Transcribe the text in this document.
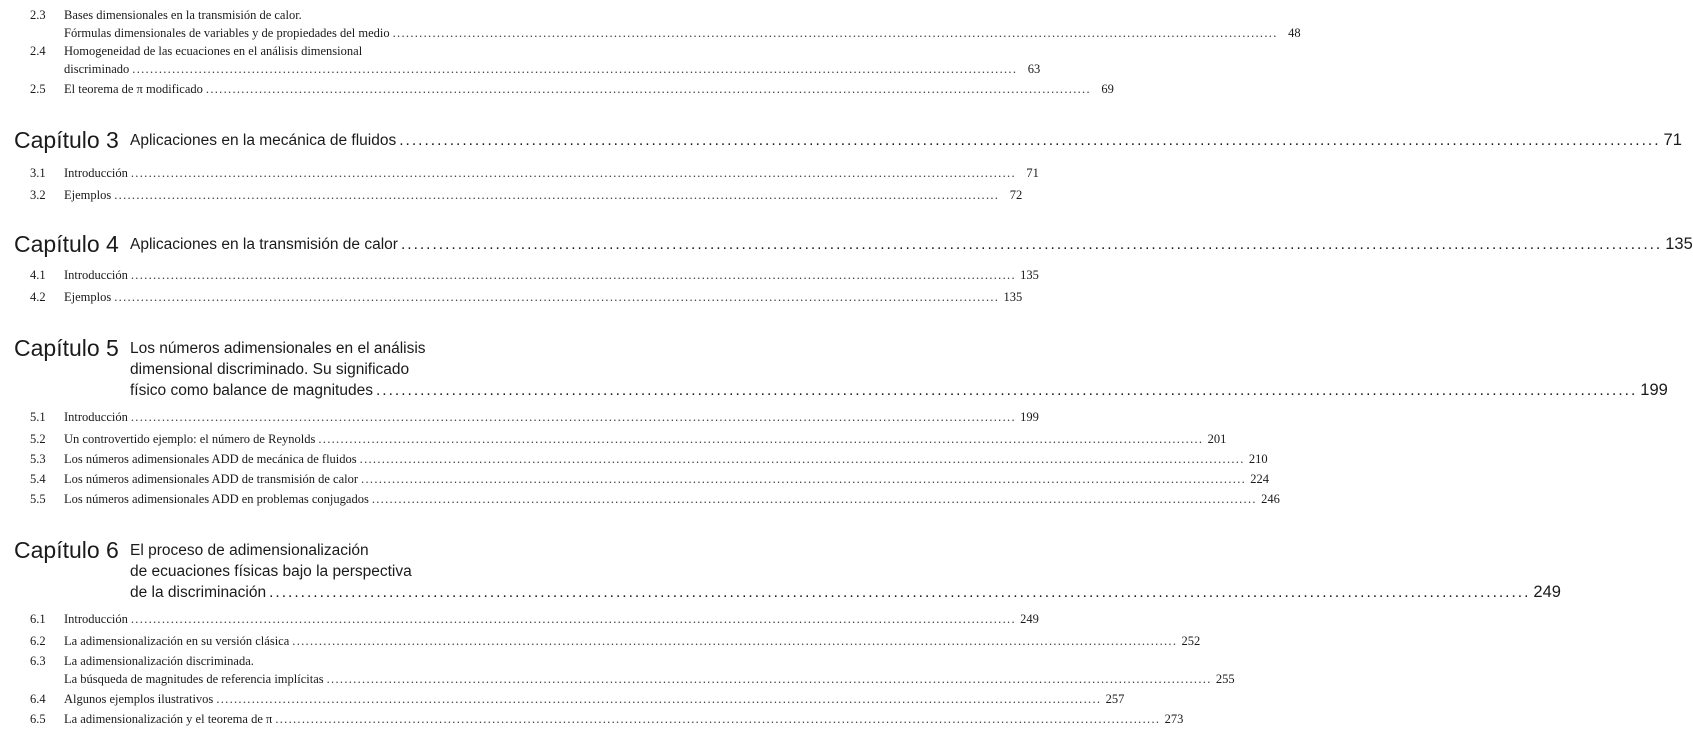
2.3	Bases dimensionales en la transmisión de calor.
Fórmulas dimensionales de variables y de propiedades del medio ........................................................................................................................................................................................................ 48
2.4	Homogeneidad de las ecuaciones en el análisis dimensional
discriminado ........................................................................................................................................................................................................ 63
2.5	El teorema de π modificado ........................................................................................................................................................................................................ 69
Capítulo 3 Aplicaciones en la mecánica de fluidos ........................................................................................................................................................................................................ 71
3.1	Introducción ........................................................................................................................................................................................................ 71
3.2	Ejemplos ........................................................................................................................................................................................................ 72
Capítulo 4 Aplicaciones en la transmisión de calor ........................................................................................................................................................................................................ 135
4.1	Introducción ........................................................................................................................................................................................................ 135
4.2	Ejemplos ........................................................................................................................................................................................................ 135
Capítulo 5 Los números adimensionales en el análisis
dimensional discriminado. Su significado
físico como balance de magnitudes ........................................................................................................................................................................................................ 199
5.1	Introducción ........................................................................................................................................................................................................ 199
5.2	Un controvertido ejemplo: el número de Reynolds ........................................................................................................................................................................................................ 201
5.3	Los números adimensionales ADD de mecánica de fluidos ........................................................................................................................................................................................................ 210
5.4	Los números adimensionales ADD de transmisión de calor ........................................................................................................................................................................................................ 224
5.5	Los números adimensionales ADD en problemas conjugados ........................................................................................................................................................................................................ 246
Capítulo 6 El proceso de adimensionalización
de ecuaciones físicas bajo la perspectiva
de la discriminación ........................................................................................................................................................................................................ 249
6.1	Introducción ........................................................................................................................................................................................................ 249
6.2	La adimensionalización en su versión clásica ........................................................................................................................................................................................................ 252
6.3	La adimensionalización discriminada.
La búsqueda de magnitudes de referencia implícitas ........................................................................................................................................................................................................ 255
6.4	Algunos ejemplos ilustrativos ........................................................................................................................................................................................................ 257
6.5	La adimensionalización y el teorema de π ........................................................................................................................................................................................................ 273
